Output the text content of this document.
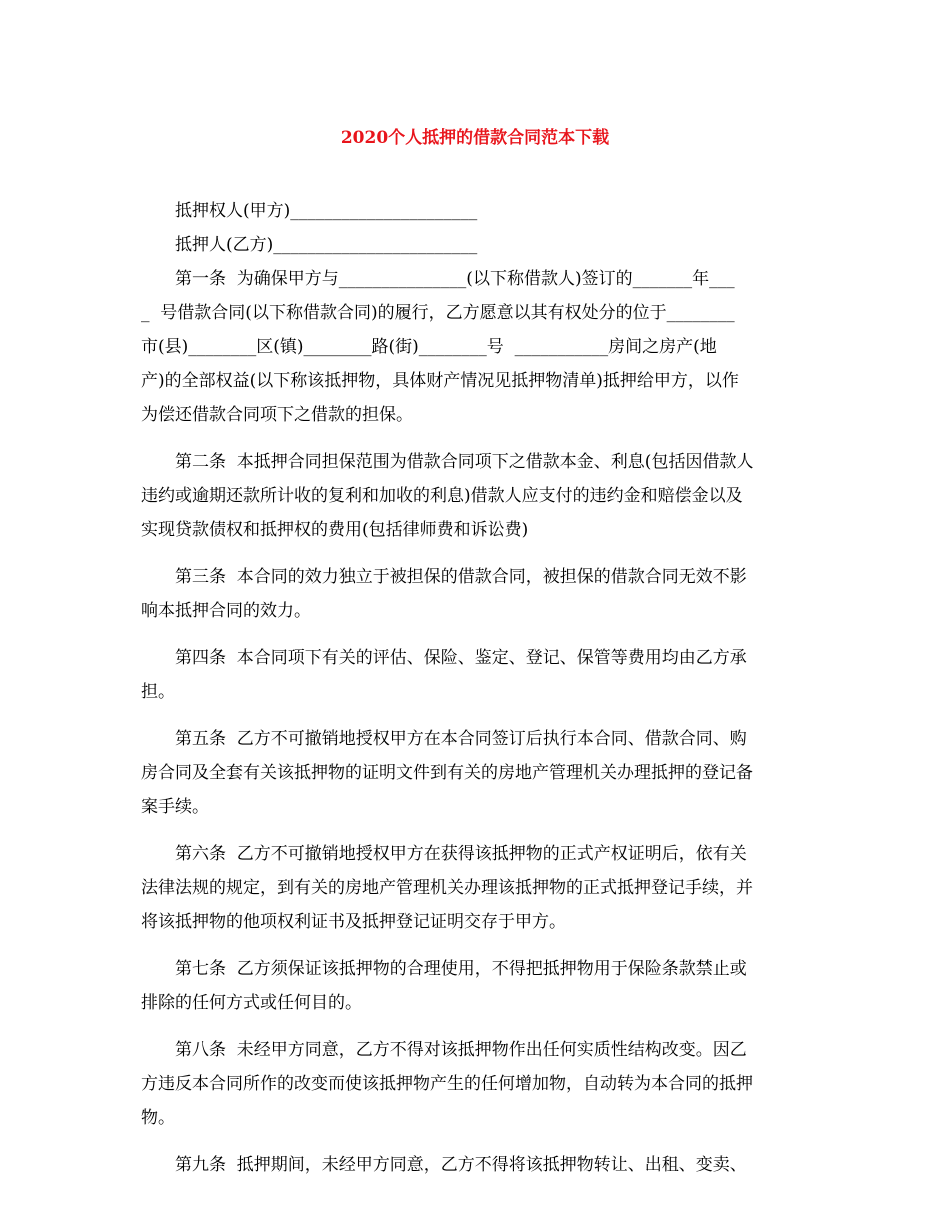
2020个人抵押的借款合同范本下载
　　抵押权人(甲方)______________________
　　抵押人(乙方)________________________
　　第一条  为确保甲方与_______________(以下称借款人)签订的_______年___
_  号借款合同(以下称借款合同)的履行，乙方愿意以其有权处分的位于________
市(县)________区(镇)________路(街)________号  ___________房间之房产(地
产)的全部权益(以下称该抵押物，具体财产情况见抵押物清单)抵押给甲方，以作
为偿还借款合同项下之借款的担保。
　　第二条  本抵押合同担保范围为借款合同项下之借款本金、利息(包括因借款人
违约或逾期还款所计收的复利和加收的利息)借款人应支付的违约金和赔偿金以及
实现贷款债权和抵押权的费用(包括律师费和诉讼费)
　　第三条  本合同的效力独立于被担保的借款合同，被担保的借款合同无效不影
响本抵押合同的效力。
　　第四条  本合同项下有关的评估、保险、鉴定、登记、保管等费用均由乙方承
担。
　　第五条  乙方不可撤销地授权甲方在本合同签订后执行本合同、借款合同、购
房合同及全套有关该抵押物的证明文件到有关的房地产管理机关办理抵押的登记备
案手续。
　　第六条  乙方不可撤销地授权甲方在获得该抵押物的正式产权证明后，依有关
法律法规的规定，到有关的房地产管理机关办理该抵押物的正式抵押登记手续，并
将该抵押物的他项权利证书及抵押登记证明交存于甲方。
　　第七条  乙方须保证该抵押物的合理使用，不得把抵押物用于保险条款禁止或
排除的任何方式或任何目的。
　　第八条  未经甲方同意，乙方不得对该抵押物作出任何实质性结构改变。因乙
方违反本合同所作的改变而使该抵押物产生的任何增加物，自动转为本合同的抵押
物。
　　第九条  抵押期间，未经甲方同意，乙方不得将该抵押物转让、出租、变卖、
